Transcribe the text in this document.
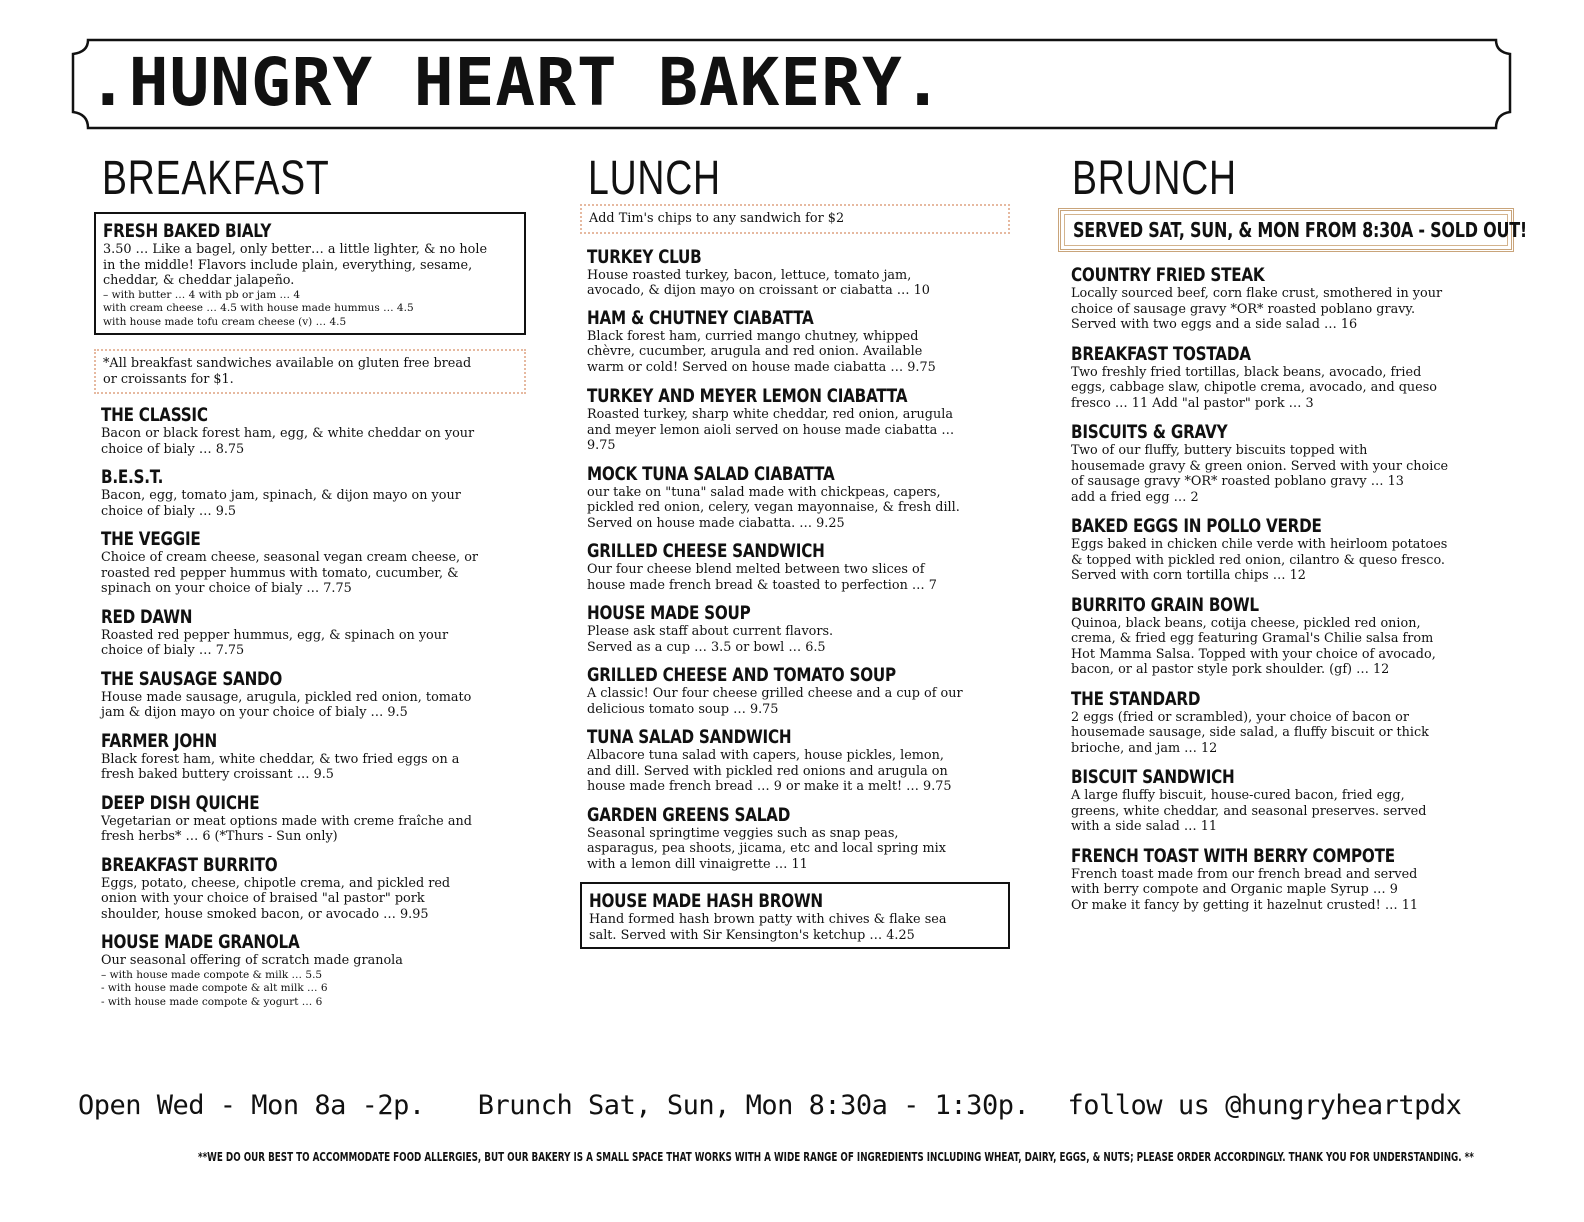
.HUNGRY HEART BAKERY.
BREAKFAST
FRESH BAKED BIALY
3.50 … Like a bagel, only better… a little lighter, & no hole
in the middle! Flavors include plain, everything, sesame,
cheddar, & cheddar jalapeño.
– with butter … 4 with pb or jam … 4
with cream cheese … 4.5 with house made hummus … 4.5
with house made tofu cream cheese (v) … 4.5
*All breakfast sandwiches available on gluten free bread
or croissants for $1.
THE CLASSIC
Bacon or black forest ham, egg, & white cheddar on your
choice of bialy … 8.75
B.E.S.T.
Bacon, egg, tomato jam, spinach, & dijon mayo on your
choice of bialy … 9.5
THE VEGGIE
Choice of cream cheese, seasonal vegan cream cheese, or
roasted red pepper hummus with tomato, cucumber, &
spinach on your choice of bialy … 7.75
RED DAWN
Roasted red pepper hummus, egg, & spinach on your
choice of bialy … 7.75
THE SAUSAGE SANDO
House made sausage, arugula, pickled red onion, tomato
jam & dijon mayo on your choice of bialy … 9.5
FARMER JOHN
Black forest ham, white cheddar, & two fried eggs on a
fresh baked buttery croissant … 9.5
DEEP DISH QUICHE
Vegetarian or meat options made with creme fraîche and
fresh herbs* … 6 (*Thurs - Sun only)
BREAKFAST BURRITO
Eggs, potato, cheese, chipotle crema, and pickled red
onion with your choice of braised "al pastor" pork
shoulder, house smoked bacon, or avocado … 9.95
HOUSE MADE GRANOLA
Our seasonal offering of scratch made granola
– with house made compote & milk … 5.5
- with house made compote & alt milk … 6
- with house made compote & yogurt … 6
LUNCH
Add Tim's chips to any sandwich for $2
TURKEY CLUB
House roasted turkey, bacon, lettuce, tomato jam,
avocado, & dijon mayo on croissant or ciabatta … 10
HAM & CHUTNEY CIABATTA
Black forest ham, curried mango chutney, whipped
chèvre, cucumber, arugula and red onion. Available
warm or cold! Served on house made ciabatta … 9.75
TURKEY AND MEYER LEMON CIABATTA
Roasted turkey, sharp white cheddar, red onion, arugula
and meyer lemon aioli served on house made ciabatta …
9.75
MOCK TUNA SALAD CIABATTA
our take on "tuna" salad made with chickpeas, capers,
pickled red onion, celery, vegan mayonnaise, & fresh dill.
Served on house made ciabatta. … 9.25
GRILLED CHEESE SANDWICH
Our four cheese blend melted between two slices of
house made french bread & toasted to perfection … 7
HOUSE MADE SOUP
Please ask staff about current flavors.
Served as a cup … 3.5 or bowl … 6.5
GRILLED CHEESE AND TOMATO SOUP
A classic! Our four cheese grilled cheese and a cup of our
delicious tomato soup … 9.75
TUNA SALAD SANDWICH
Albacore tuna salad with capers, house pickles, lemon,
and dill. Served with pickled red onions and arugula on
house made french bread … 9 or make it a melt! … 9.75
GARDEN GREENS SALAD
Seasonal springtime veggies such as snap peas,
asparagus, pea shoots, jicama, etc and local spring mix
with a lemon dill vinaigrette … 11
HOUSE MADE HASH BROWN
Hand formed hash brown patty with chives & flake sea
salt. Served with Sir Kensington's ketchup … 4.25
BRUNCH
SERVED SAT, SUN, & MON FROM 8:30A - SOLD OUT!
COUNTRY FRIED STEAK
Locally sourced beef, corn flake crust, smothered in your
choice of sausage gravy *OR* roasted poblano gravy.
Served with two eggs and a side salad … 16
BREAKFAST TOSTADA
Two freshly fried tortillas, black beans, avocado, fried
eggs, cabbage slaw, chipotle crema, avocado, and queso
fresco … 11 Add "al pastor" pork … 3
BISCUITS & GRAVY
Two of our fluffy, buttery biscuits topped with
housemade gravy & green onion. Served with your choice
of sausage gravy *OR* roasted poblano gravy … 13
add a fried egg … 2
BAKED EGGS IN POLLO VERDE
Eggs baked in chicken chile verde with heirloom potatoes
& topped with pickled red onion, cilantro & queso fresco.
Served with corn tortilla chips … 12
BURRITO GRAIN BOWL
Quinoa, black beans, cotija cheese, pickled red onion,
crema, & fried egg featuring Gramal's Chilie salsa from
Hot Mamma Salsa. Topped with your choice of avocado,
bacon, or al pastor style pork shoulder. (gf) … 12
THE STANDARD
2 eggs (fried or scrambled), your choice of bacon or
housemade sausage, side salad, a fluffy biscuit or thick
brioche, and jam … 12
BISCUIT SANDWICH
A large fluffy biscuit, house-cured bacon, fried egg,
greens, white cheddar, and seasonal preserves. served
with a side salad … 11
FRENCH TOAST WITH BERRY COMPOTE
French toast made from our french bread and served
with berry compote and Organic maple Syrup … 9
Or make it fancy by getting it hazelnut crusted! … 11
Open Wed - Mon 8a -2p. Brunch Sat, Sun, Mon 8:30a - 1:30p. follow us @hungryheartpdx
**WE DO OUR BEST TO ACCOMMODATE FOOD ALLERGIES, BUT OUR BAKERY IS A SMALL SPACE THAT WORKS WITH A WIDE RANGE OF INGREDIENTS INCLUDING WHEAT, DAIRY, EGGS, & NUTS; PLEASE ORDER ACCORDINGLY. THANK YOU FOR UNDERSTANDING. **
